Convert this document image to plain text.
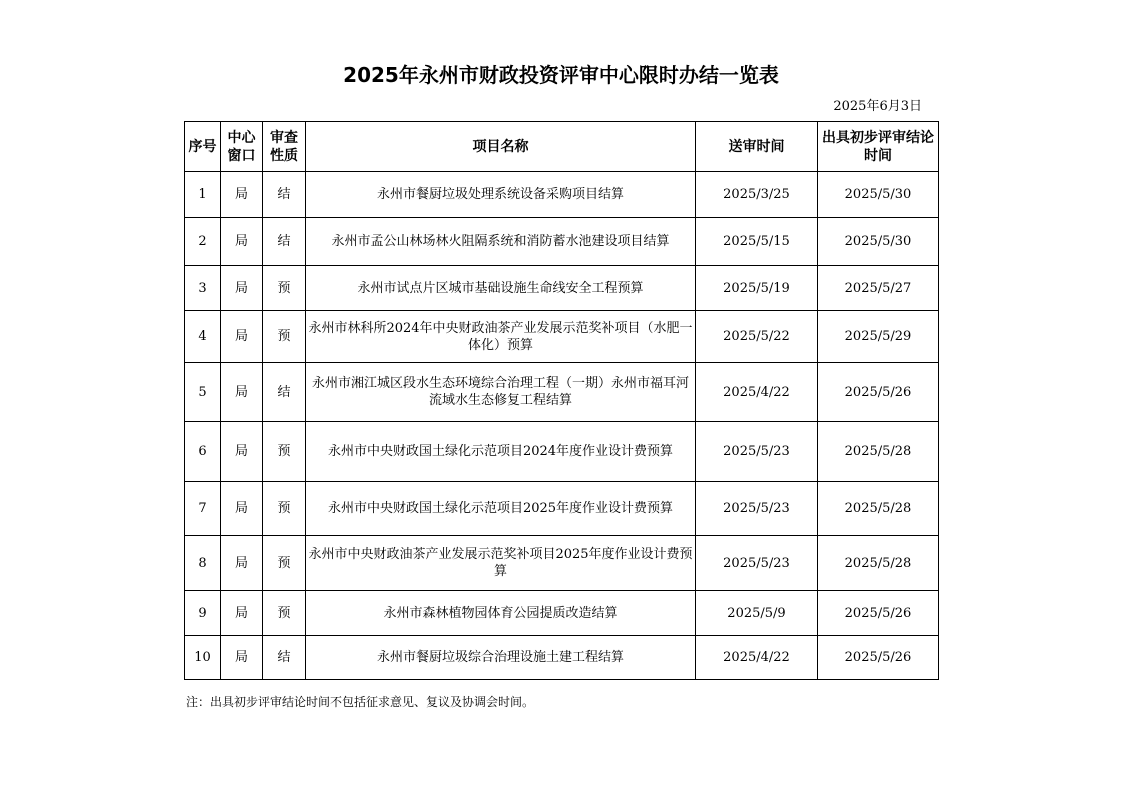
2025年永州市财政投资评审中心限时办结一览表
2025年6月3日
序号	中心窗口	审查性质	项目名称	送审时间	出具初步评审结论时间
1	局	结	永州市餐厨垃圾处理系统设备采购项目结算	2025/3/25	2025/5/30
2	局	结	永州市孟公山林场林火阻隔系统和消防蓄水池建设项目结算	2025/5/15	2025/5/30
3	局	预	永州市试点片区城市基础设施生命线安全工程预算	2025/5/19	2025/5/27
4	局	预	永州市林科所2024年中央财政油茶产业发展示范奖补项目（水肥一体化）预算	2025/5/22	2025/5/29
5	局	结	永州市湘江城区段水生态环境综合治理工程（一期）永州市福耳河流域水生态修复工程结算	2025/4/22	2025/5/26
6	局	预	永州市中央财政国土绿化示范项目2024年度作业设计费预算	2025/5/23	2025/5/28
7	局	预	永州市中央财政国土绿化示范项目2025年度作业设计费预算	2025/5/23	2025/5/28
8	局	预	永州市中央财政油茶产业发展示范奖补项目2025年度作业设计费预算	2025/5/23	2025/5/28
9	局	预	永州市森林植物园体育公园提质改造结算	2025/5/9	2025/5/26
10	局	结	永州市餐厨垃圾综合治理设施土建工程结算	2025/4/22	2025/5/26
注：出具初步评审结论时间不包括征求意见、复议及协调会时间。
